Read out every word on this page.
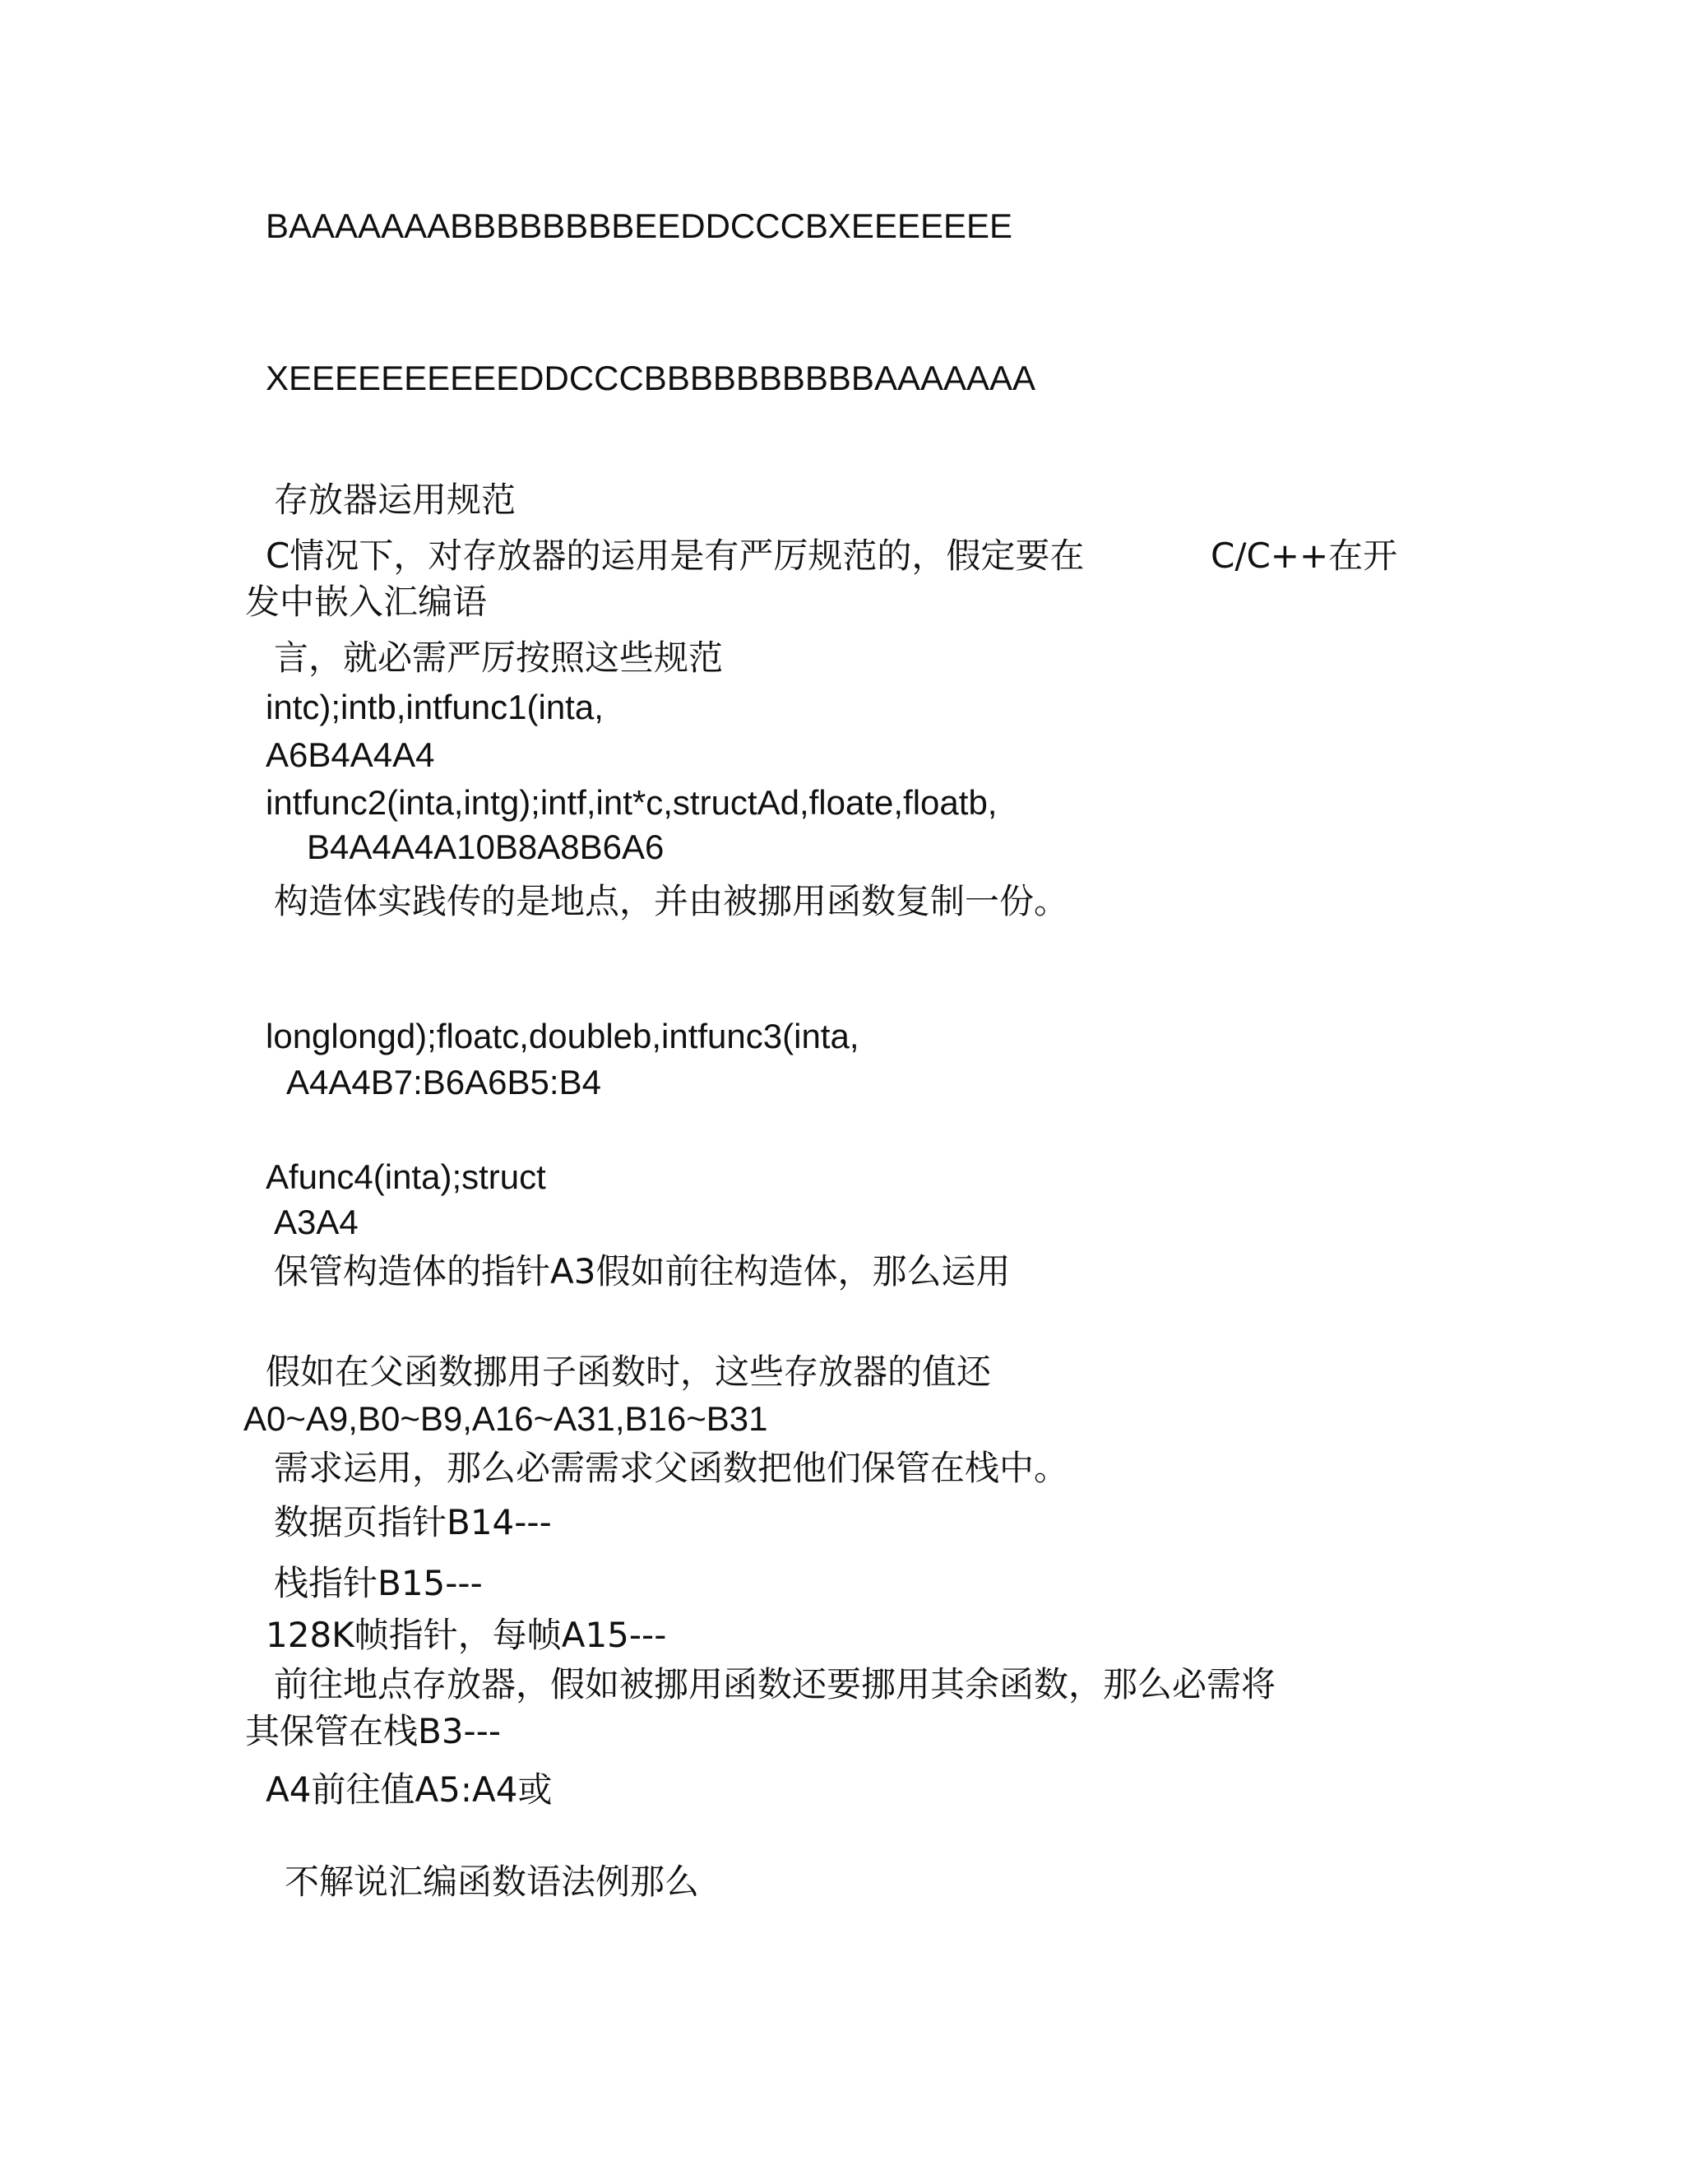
BAAAAAAABBBBBBBBEEDDCCCBXEEEEEEE
XEEEEEEEEEEDDCCCBBBBBBBBBBAAAAAAA
存放器运用规范
C情况下，对存放器的运用是有严厉规范的，假定要在	C/C++在开
发中嵌入汇编语
言，就必需严厉按照这些规范
intc);intb,intfunc1(inta,
A6B4A4A4
intfunc2(inta,intg);intf,int*c,structAd,floate,floatb,
B4A4A4A10B8A8B6A6
构造体实践传的是地点，并由被挪用函数复制一份。
longlongd);floatc,doubleb,intfunc3(inta,
A4A4B7:B6A6B5:B4
Afunc4(inta);struct
A3A4
保管构造体的指针A3假如前往构造体，那么运用
假如在父函数挪用子函数时，这些存放器的值还
A0~A9,B0~B9,A16~A31,B16~B31
需求运用，那么必需需求父函数把他们保管在栈中。
数据页指针B14---
栈指针B15---
128K帧指针，每帧A15---
前往地点存放器，假如被挪用函数还要挪用其余函数，那么必需将
其保管在栈B3---
A4前往值A5:A4或
不解说汇编函数语法例那么
